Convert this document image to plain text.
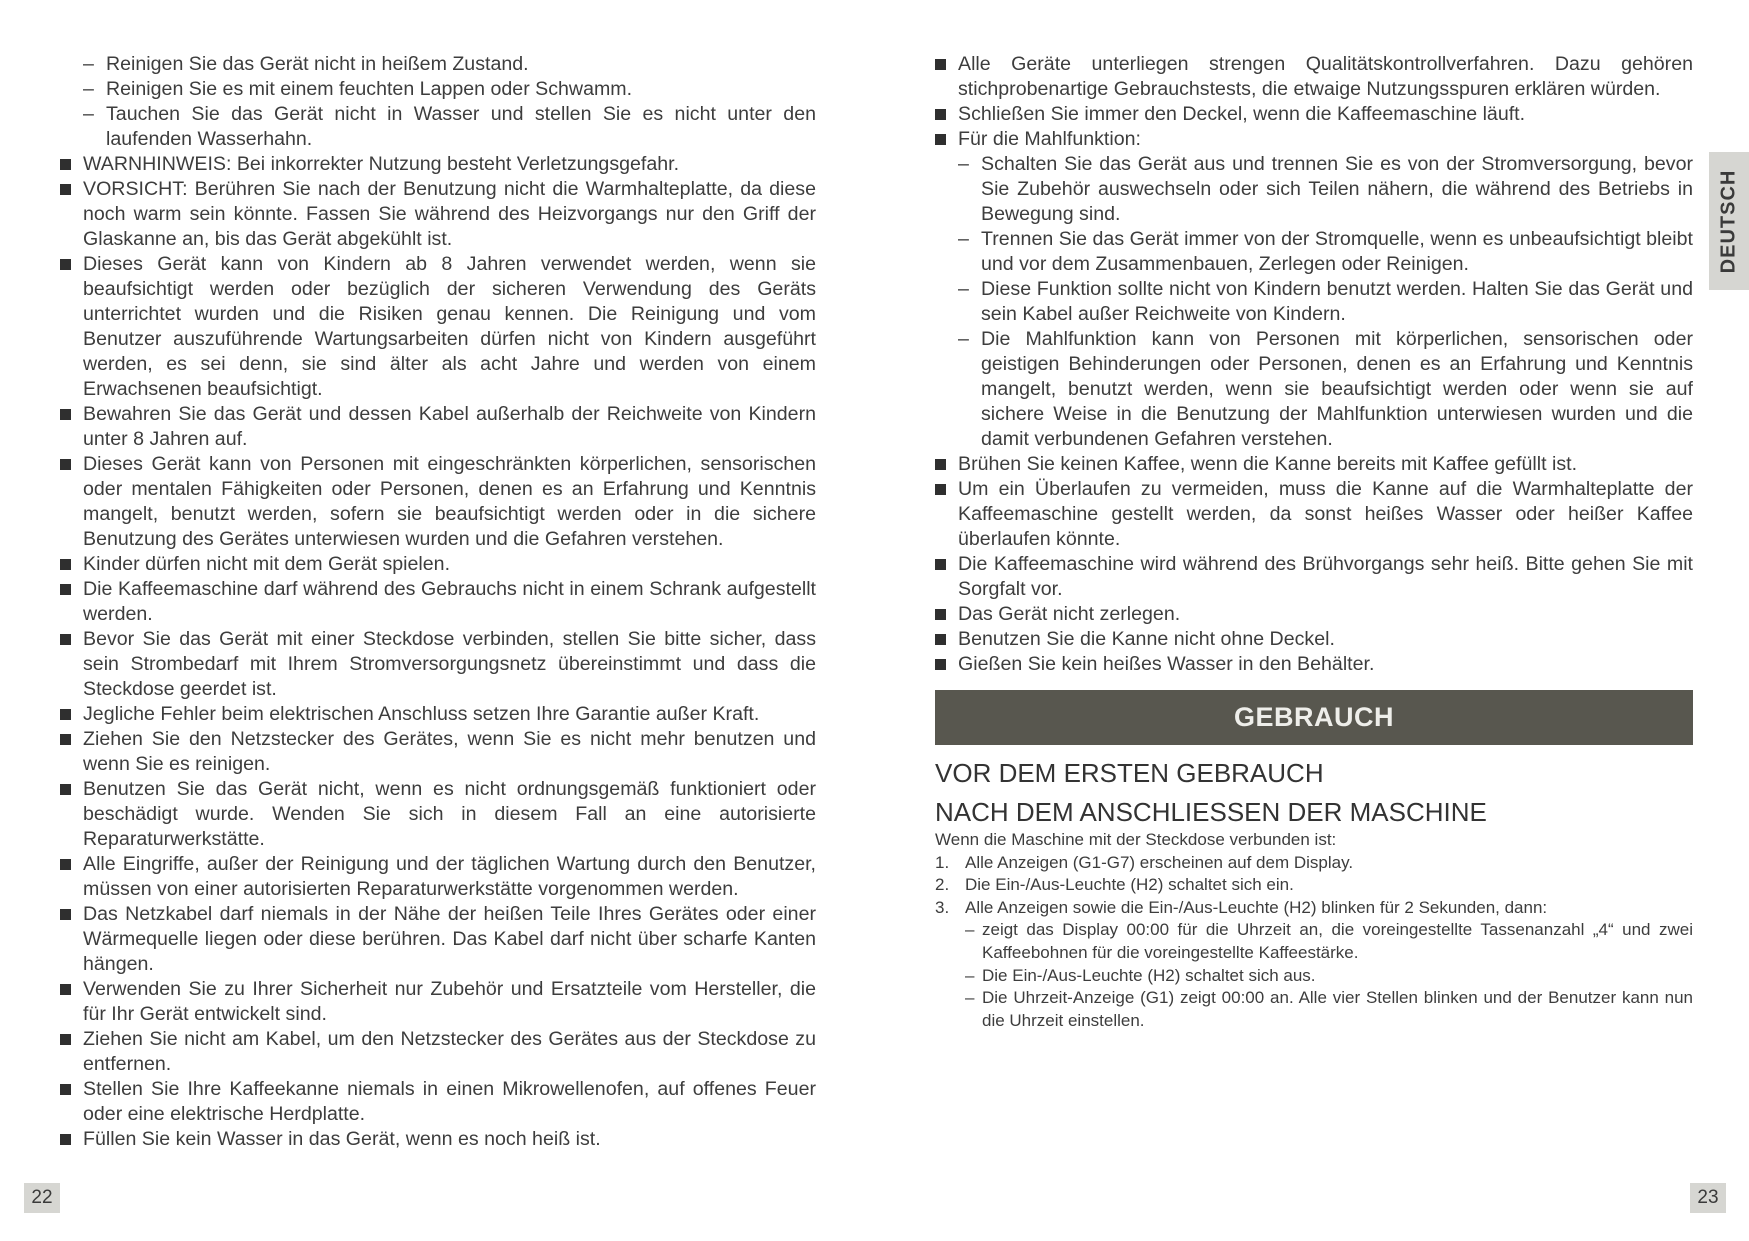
– Reinigen Sie das Gerät nicht in heißem Zustand.
– Reinigen Sie es mit einem feuchten Lappen oder Schwamm.
– Tauchen Sie das Gerät nicht in Wasser und stellen Sie es nicht unter den laufenden Wasserhahn.
WARNHINWEIS: Bei inkorrekter Nutzung besteht Verletzungsgefahr.
VORSICHT: Berühren Sie nach der Benutzung nicht die Warmhalteplatte, da diese noch warm sein könnte. Fassen Sie während des Heizvorgangs nur den Griff der Glaskanne an, bis das Gerät abgekühlt ist.
Dieses Gerät kann von Kindern ab 8 Jahren verwendet werden, wenn sie beaufsichtigt werden oder bezüglich der sicheren Verwendung des Geräts unterrichtet wurden und die Risiken genau kennen. Die Reinigung und vom Benutzer auszuführende Wartungsarbeiten dürfen nicht von Kindern ausgeführt werden, es sei denn, sie sind älter als acht Jahre und werden von einem Erwachsenen beaufsichtigt.
Bewahren Sie das Gerät und dessen Kabel außerhalb der Reichweite von Kindern unter 8 Jahren auf.
Dieses Gerät kann von Personen mit eingeschränkten körperlichen, sensorischen oder mentalen Fähigkeiten oder Personen, denen es an Erfahrung und Kenntnis mangelt, benutzt werden, sofern sie beaufsichtigt werden oder in die sichere Benutzung des Gerätes unterwiesen wurden und die Gefahren verstehen.
Kinder dürfen nicht mit dem Gerät spielen.
Die Kaffeemaschine darf während des Gebrauchs nicht in einem Schrank aufgestellt werden.
Bevor Sie das Gerät mit einer Steckdose verbinden, stellen Sie bitte sicher, dass sein Strombedarf mit Ihrem Stromversorgungsnetz übereinstimmt und dass die Steckdose geerdet ist.
Jegliche Fehler beim elektrischen Anschluss setzen Ihre Garantie außer Kraft.
Ziehen Sie den Netzstecker des Gerätes, wenn Sie es nicht mehr benutzen und wenn Sie es reinigen.
Benutzen Sie das Gerät nicht, wenn es nicht ordnungsgemäß funktioniert oder beschädigt wurde. Wenden Sie sich in diesem Fall an eine autorisierte Reparaturwerkstätte.
Alle Eingriffe, außer der Reinigung und der täglichen Wartung durch den Benutzer, müssen von einer autorisierten Reparaturwerkstätte vorgenommen werden.
Das Netzkabel darf niemals in der Nähe der heißen Teile Ihres Gerätes oder einer Wärmequelle liegen oder diese berühren. Das Kabel darf nicht über scharfe Kanten hängen.
Verwenden Sie zu Ihrer Sicherheit nur Zubehör und Ersatzteile vom Hersteller, die für Ihr Gerät entwickelt sind.
Ziehen Sie nicht am Kabel, um den Netzstecker des Gerätes aus der Steckdose zu entfernen.
Stellen Sie Ihre Kaffeekanne niemals in einen Mikrowellenofen, auf offenes Feuer oder eine elektrische Herdplatte.
Füllen Sie kein Wasser in das Gerät, wenn es noch heiß ist.
Alle Geräte unterliegen strengen Qualitätskontrollverfahren. Dazu gehören stichprobenartige Gebrauchstests, die etwaige Nutzungsspuren erklären würden.
Schließen Sie immer den Deckel, wenn die Kaffeemaschine läuft.
Für die Mahlfunktion:
– Schalten Sie das Gerät aus und trennen Sie es von der Stromversorgung, bevor Sie Zubehör auswechseln oder sich Teilen nähern, die während des Betriebs in Bewegung sind.
– Trennen Sie das Gerät immer von der Stromquelle, wenn es unbeaufsichtigt bleibt und vor dem Zusammenbauen, Zerlegen oder Reinigen.
– Diese Funktion sollte nicht von Kindern benutzt werden. Halten Sie das Gerät und sein Kabel außer Reichweite von Kindern.
– Die Mahlfunktion kann von Personen mit körperlichen, sensorischen oder geistigen Behinderungen oder Personen, denen es an Erfahrung und Kenntnis mangelt, benutzt werden, wenn sie beaufsichtigt werden oder wenn sie auf sichere Weise in die Benutzung der Mahlfunktion unterwiesen wurden und die damit verbundenen Gefahren verstehen.
Brühen Sie keinen Kaffee, wenn die Kanne bereits mit Kaffee gefüllt ist.
Um ein Überlaufen zu vermeiden, muss die Kanne auf die Warmhalteplatte der Kaffeemaschine gestellt werden, da sonst heißes Wasser oder heißer Kaffee überlaufen könnte.
Die Kaffeemaschine wird während des Brühvorgangs sehr heiß. Bitte gehen Sie mit Sorgfalt vor.
Das Gerät nicht zerlegen.
Benutzen Sie die Kanne nicht ohne Deckel.
Gießen Sie kein heißes Wasser in den Behälter.
GEBRAUCH
VOR DEM ERSTEN GEBRAUCH
NACH DEM ANSCHLIESSEN DER MASCHINE

Wenn die Maschine mit der Steckdose verbunden ist:

1. Alle Anzeigen (G1-G7) erscheinen auf dem Display.
2. Die Ein-/Aus-Leuchte (H2) schaltet sich ein.
3. Alle Anzeigen sowie die Ein-/Aus-Leuchte (H2) blinken für 2 Sekunden, dann:
– zeigt das Display 00:00 für die Uhrzeit an, die voreingestellte Tassenanzahl „4“ und zwei Kaffeebohnen für die voreingestellte Kaffeestärke.
– Die Ein-/Aus-Leuchte (H2) schaltet sich aus.
– Die Uhrzeit-Anzeige (G1) zeigt 00:00 an. Alle vier Stellen blinken und der Benutzer kann nun die Uhrzeit einstellen.
DEUTSCH
22	23
